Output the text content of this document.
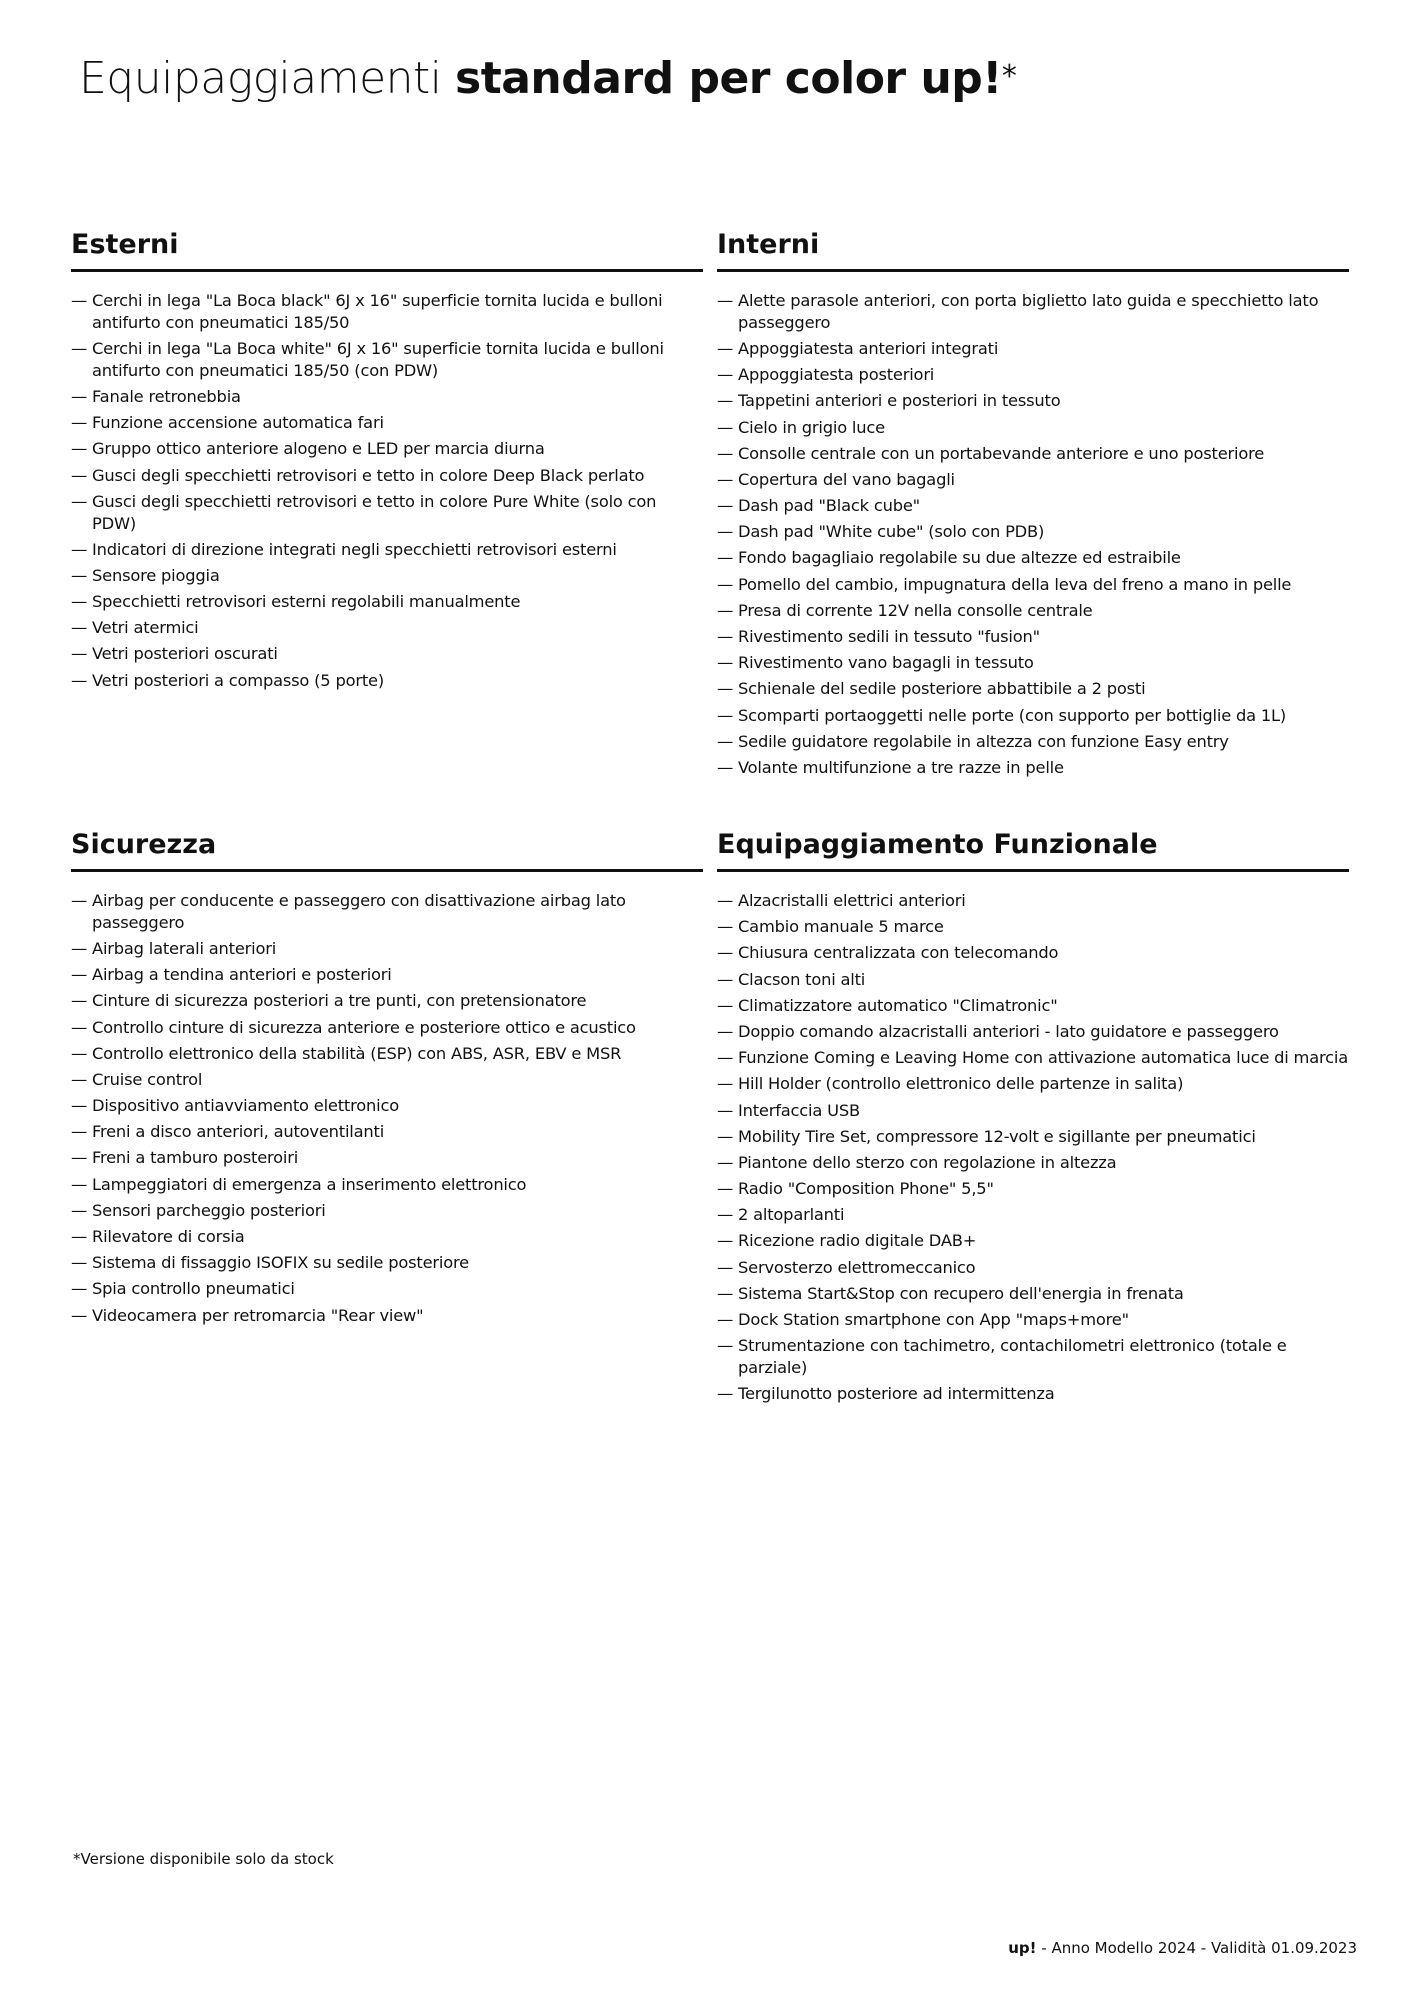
Equipaggiamenti standard per color up!*
Esterni
— Cerchi in lega "La Boca black" 6J x 16" superficie tornita lucida e bulloni antifurto con pneumatici 185/50
— Cerchi in lega "La Boca white" 6J x 16" superficie tornita lucida e bulloni antifurto con pneumatici 185/50 (con PDW)
— Fanale retronebbia
— Funzione accensione automatica fari
— Gruppo ottico anteriore alogeno e LED per marcia diurna
— Gusci degli specchietti retrovisori e tetto in colore Deep Black perlato
— Gusci degli specchietti retrovisori e tetto in colore Pure White (solo con PDW)
— Indicatori di direzione integrati negli specchietti retrovisori esterni
— Sensore pioggia
— Specchietti retrovisori esterni regolabili manualmente
— Vetri atermici
— Vetri posteriori oscurati
— Vetri posteriori a compasso (5 porte)
Interni
— Alette parasole anteriori, con porta biglietto lato guida e specchietto lato passeggero
— Appoggiatesta anteriori integrati
— Appoggiatesta posteriori
— Tappetini anteriori e posteriori in tessuto
— Cielo in grigio luce
— Consolle centrale con un portabevande anteriore e uno posteriore
— Copertura del vano bagagli
— Dash pad "Black cube"
— Dash pad "White cube" (solo con PDB)
— Fondo bagagliaio regolabile su due altezze ed estraibile
— Pomello del cambio, impugnatura della leva del freno a mano in pelle
— Presa di corrente 12V nella consolle centrale
— Rivestimento sedili in tessuto "fusion"
— Rivestimento vano bagagli in tessuto
— Schienale del sedile posteriore abbattibile a 2 posti
— Scomparti portaoggetti nelle porte (con supporto per bottiglie da 1L)
— Sedile guidatore regolabile in altezza con funzione Easy entry
— Volante multifunzione a tre razze in pelle
Sicurezza
— Airbag per conducente e passeggero con disattivazione airbag lato passeggero
— Airbag laterali anteriori
— Airbag a tendina anteriori e posteriori
— Cinture di sicurezza posteriori a tre punti, con pretensionatore
— Controllo cinture di sicurezza anteriore e posteriore ottico e acustico
— Controllo elettronico della stabilità (ESP) con ABS, ASR, EBV e MSR
— Cruise control
— Dispositivo antiavviamento elettronico
— Freni a disco anteriori, autoventilanti
— Freni a tamburo posteroiri
— Lampeggiatori di emergenza a inserimento elettronico
— Sensori parcheggio posteriori
— Rilevatore di corsia
— Sistema di fissaggio ISOFIX su sedile posteriore
— Spia controllo pneumatici
— Videocamera per retromarcia "Rear view"
Equipaggiamento Funzionale
— Alzacristalli elettrici anteriori
— Cambio manuale 5 marce
— Chiusura centralizzata con telecomando
— Clacson toni alti
— Climatizzatore automatico "Climatronic"
— Doppio comando alzacristalli anteriori - lato guidatore e passeggero
— Funzione Coming e Leaving Home con attivazione automatica luce di marcia
— Hill Holder (controllo elettronico delle partenze in salita)
— Interfaccia USB
— Mobility Tire Set, compressore 12-volt e sigillante per pneumatici
— Piantone dello sterzo con regolazione in altezza
— Radio "Composition Phone" 5,5"
— 2 altoparlanti
— Ricezione radio digitale DAB+
— Servosterzo elettromeccanico
— Sistema Start&Stop con recupero dell'energia in frenata
— Dock Station smartphone con App "maps+more"
— Strumentazione con tachimetro, contachilometri elettronico (totale e parziale)
— Tergilunotto posteriore ad intermittenza

*Versione disponibile solo da stock

up! - Anno Modello 2024 - Validità 01.09.2023
